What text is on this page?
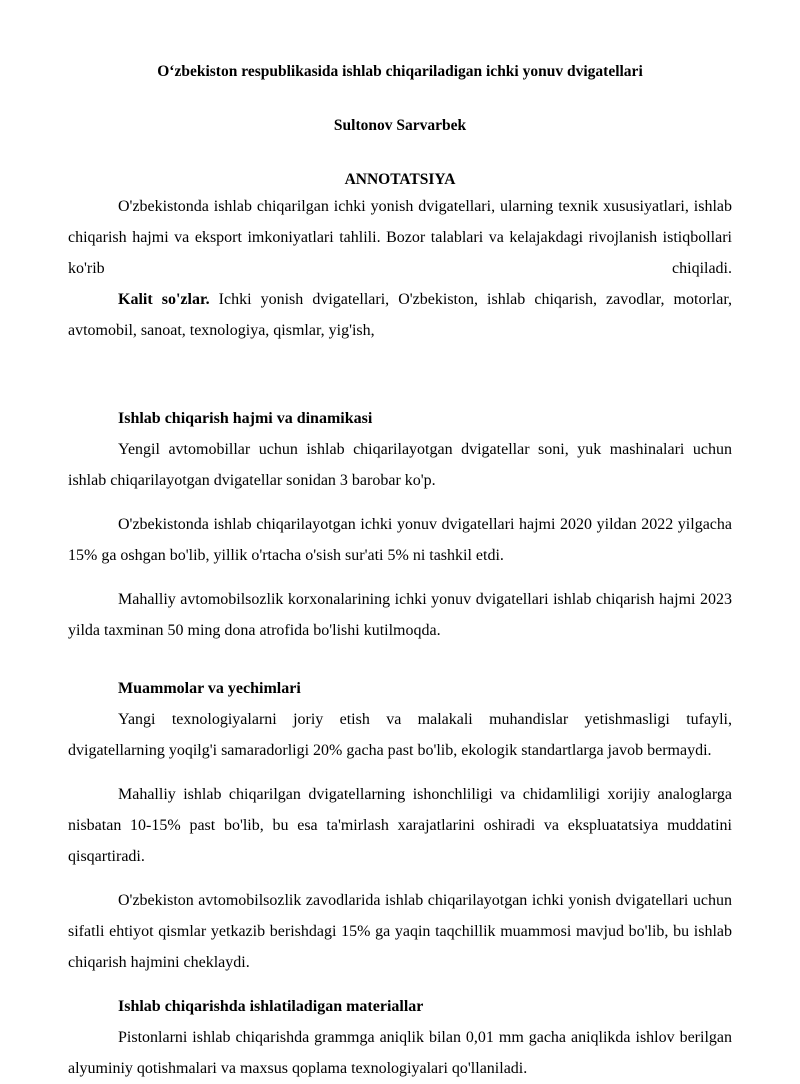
O‘zbekiston respublikasida ishlab chiqariladigan ichki yonuv dvigatellari
Sultonov Sarvarbek
ANNOTATSIYA

O'zbekistonda ishlab chiqarilgan ichki yonish dvigatellari, ularning texnik xususiyatlari, ishlab chiqarish hajmi va eksport imkoniyatlari tahlili. Bozor talablari va kelajakdagi rivojlanish istiqbollari ko'rib chiqiladi.

Kalit so'zlar. Ichki yonish dvigatellari, O'zbekiston, ishlab chiqarish, zavodlar, motorlar, avtomobil, sanoat, texnologiya, qismlar, yig'ish,

Ishlab chiqarish hajmi va dinamikasi

Yengil avtomobillar uchun ishlab chiqarilayotgan dvigatellar soni, yuk mashinalari uchun ishlab chiqarilayotgan dvigatellar sonidan 3 barobar ko'p.

O'zbekistonda ishlab chiqarilayotgan ichki yonuv dvigatellari hajmi 2020 yildan 2022 yilgacha 15% ga oshgan bo'lib, yillik o'rtacha o'sish sur'ati 5% ni tashkil etdi.

Mahalliy avtomobilsozlik korxonalarining ichki yonuv dvigatellari ishlab chiqarish hajmi 2023 yilda taxminan 50 ming dona atrofida bo'lishi kutilmoqda.

Muammolar va yechimlari

Yangi texnologiyalarni joriy etish va malakali muhandislar yetishmasligi tufayli, dvigatellarning yoqilg'i samaradorligi 20% gacha past bo'lib, ekologik standartlarga javob bermaydi.

Mahalliy ishlab chiqarilgan dvigatellarning ishonchliligi va chidamliligi xorijiy analoglarga nisbatan 10-15% past bo'lib, bu esa ta'mirlash xarajatlarini oshiradi va ekspluatatsiya muddatini qisqartiradi.

O'zbekiston avtomobilsozlik zavodlarida ishlab chiqarilayotgan ichki yonish dvigatellari uchun sifatli ehtiyot qismlar yetkazib berishdagi 15% ga yaqin taqchillik muammosi mavjud bo'lib, bu ishlab chiqarish hajmini cheklaydi.

Ishlab chiqarishda ishlatiladigan materiallar

Pistonlarni ishlab chiqarishda grammga aniqlik bilan 0,01 mm gacha aniqlikda ishlov berilgan alyuminiy qotishmalari va maxsus qoplama texnologiyalari qo'llaniladi.
